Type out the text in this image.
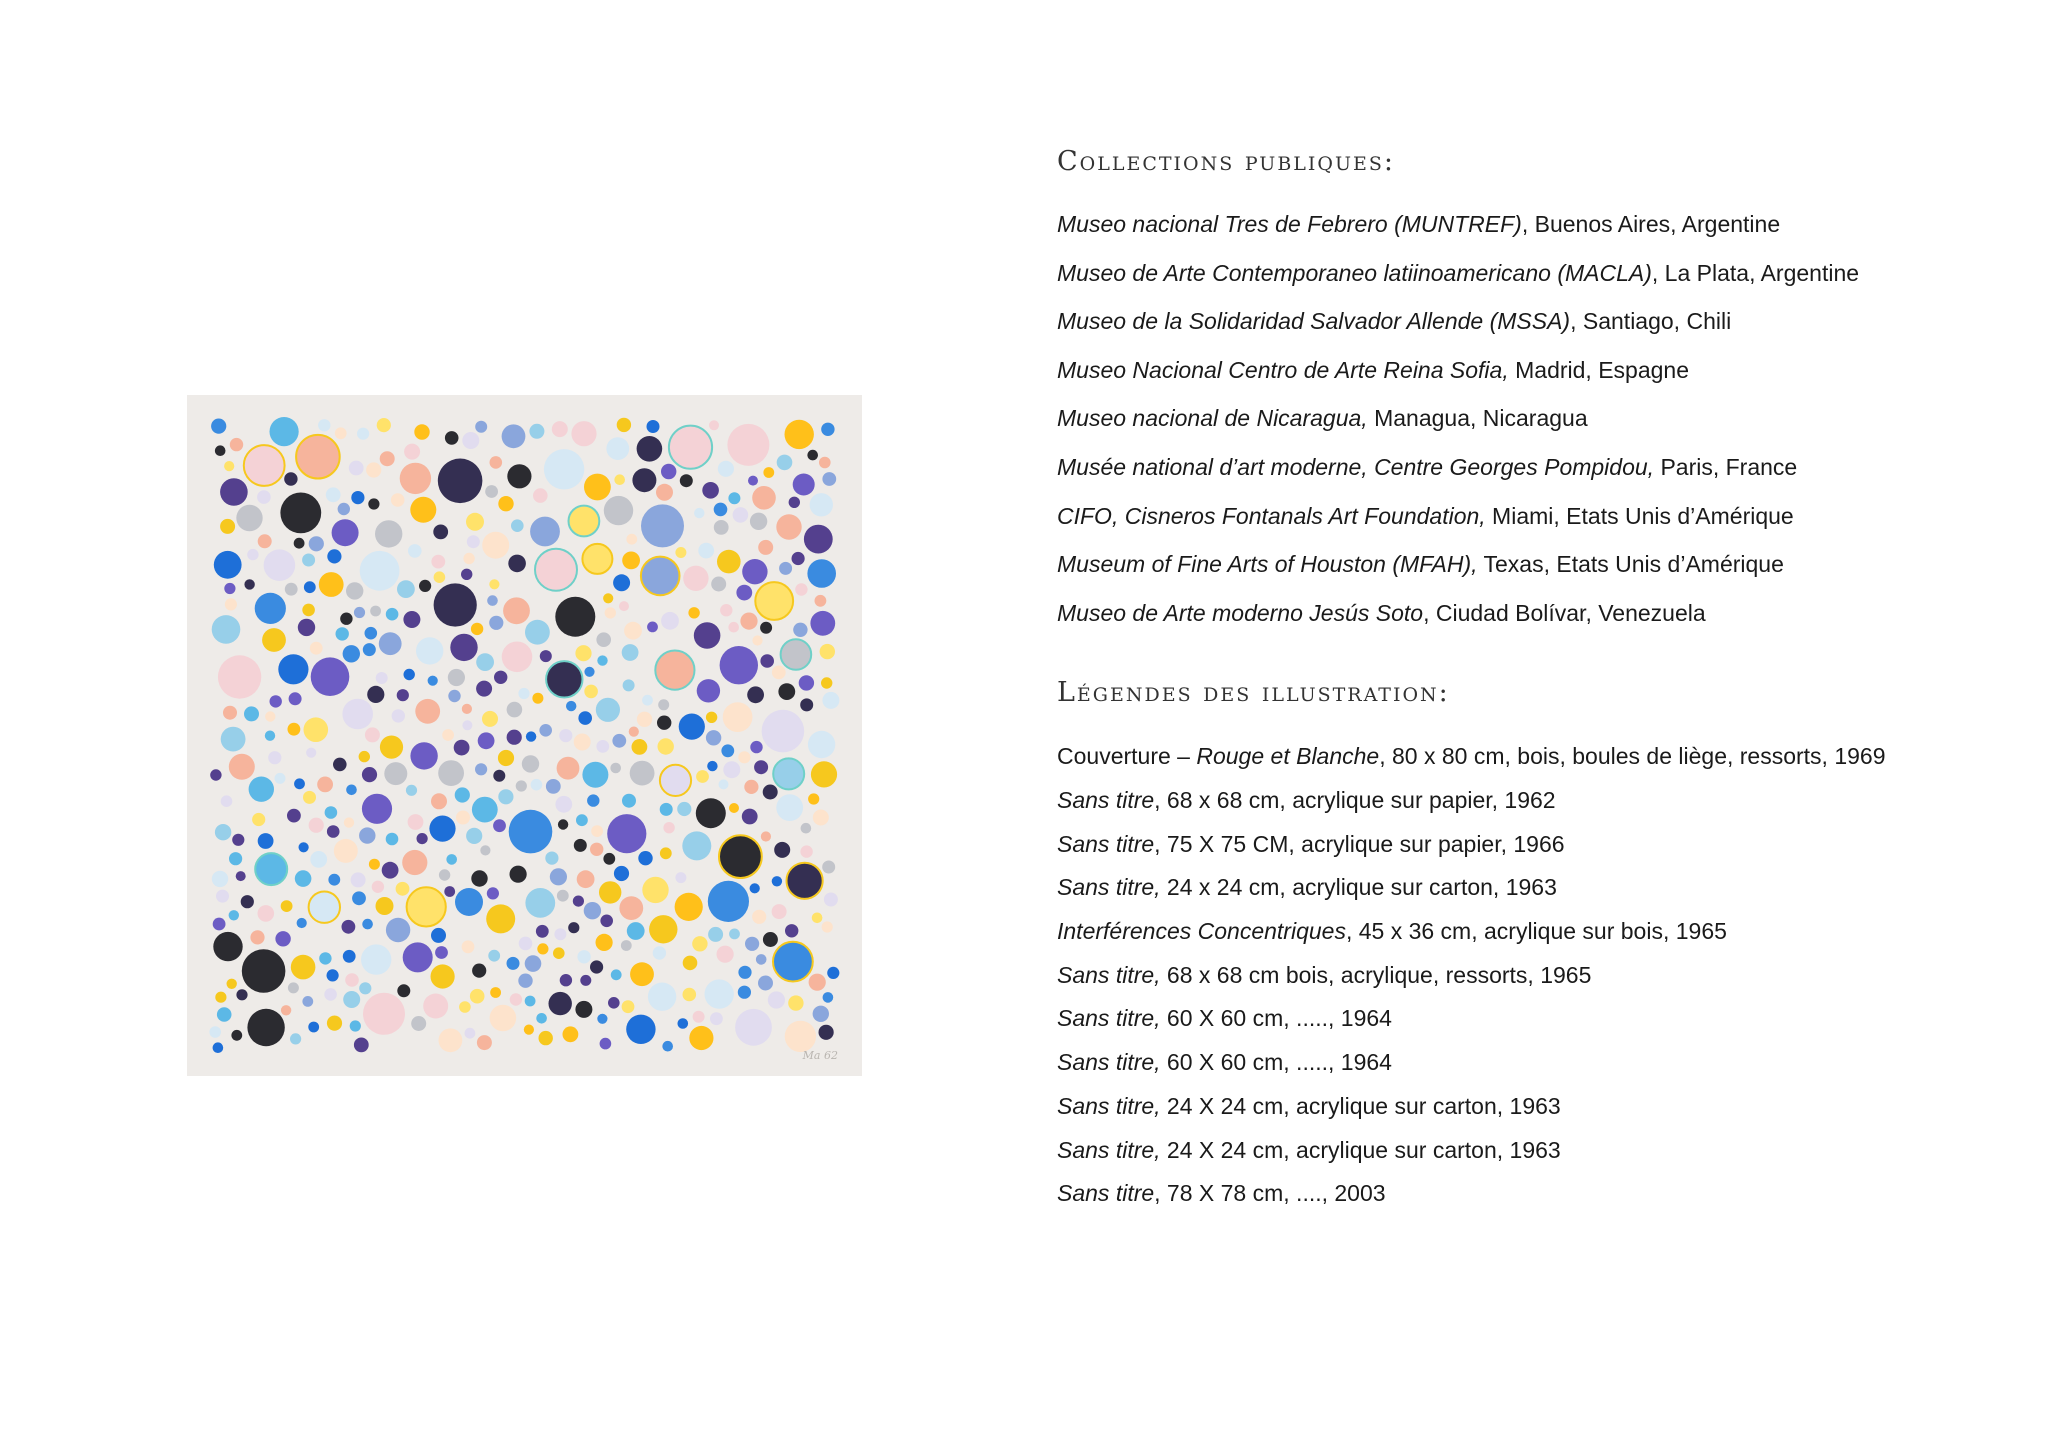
Ma 62
Collections publiques:
Museo nacional Tres de Febrero (MUNTREF), Buenos Aires, Argentine
Museo de Arte Contemporaneo latiinoamericano (MACLA), La Plata, Argentine
Museo de la Solidaridad Salvador Allende (MSSA), Santiago, Chili
Museo Nacional Centro de Arte Reina Sofia, Madrid, Espagne
Museo nacional de Nicaragua, Managua, Nicaragua
Musée national d’art moderne, Centre Georges Pompidou, Paris, France
CIFO, Cisneros Fontanals Art Foundation, Miami, Etats Unis d’Amérique
Museum of Fine Arts of Houston (MFAH), Texas, Etats Unis d’Amérique
Museo de Arte moderno Jesús Soto, Ciudad Bolívar, Venezuela
Légendes des illustration:
Couverture – Rouge et Blanche, 80 x 80 cm, bois, boules de liège, ressorts, 1969
Sans titre, 68 x 68 cm, acrylique sur papier, 1962
Sans titre, 75 X 75 CM, acrylique sur papier, 1966
Sans titre, 24 x 24 cm, acrylique sur carton, 1963
Interférences Concentriques, 45 x 36 cm, acrylique sur bois, 1965
Sans titre, 68 x 68 cm bois, acrylique, ressorts, 1965
Sans titre, 60 X 60 cm, ....., 1964
Sans titre, 60 X 60 cm, ....., 1964
Sans titre, 24 X 24 cm, acrylique sur carton, 1963
Sans titre, 24 X 24 cm, acrylique sur carton, 1963
Sans titre, 78 X 78 cm, ...., 2003
